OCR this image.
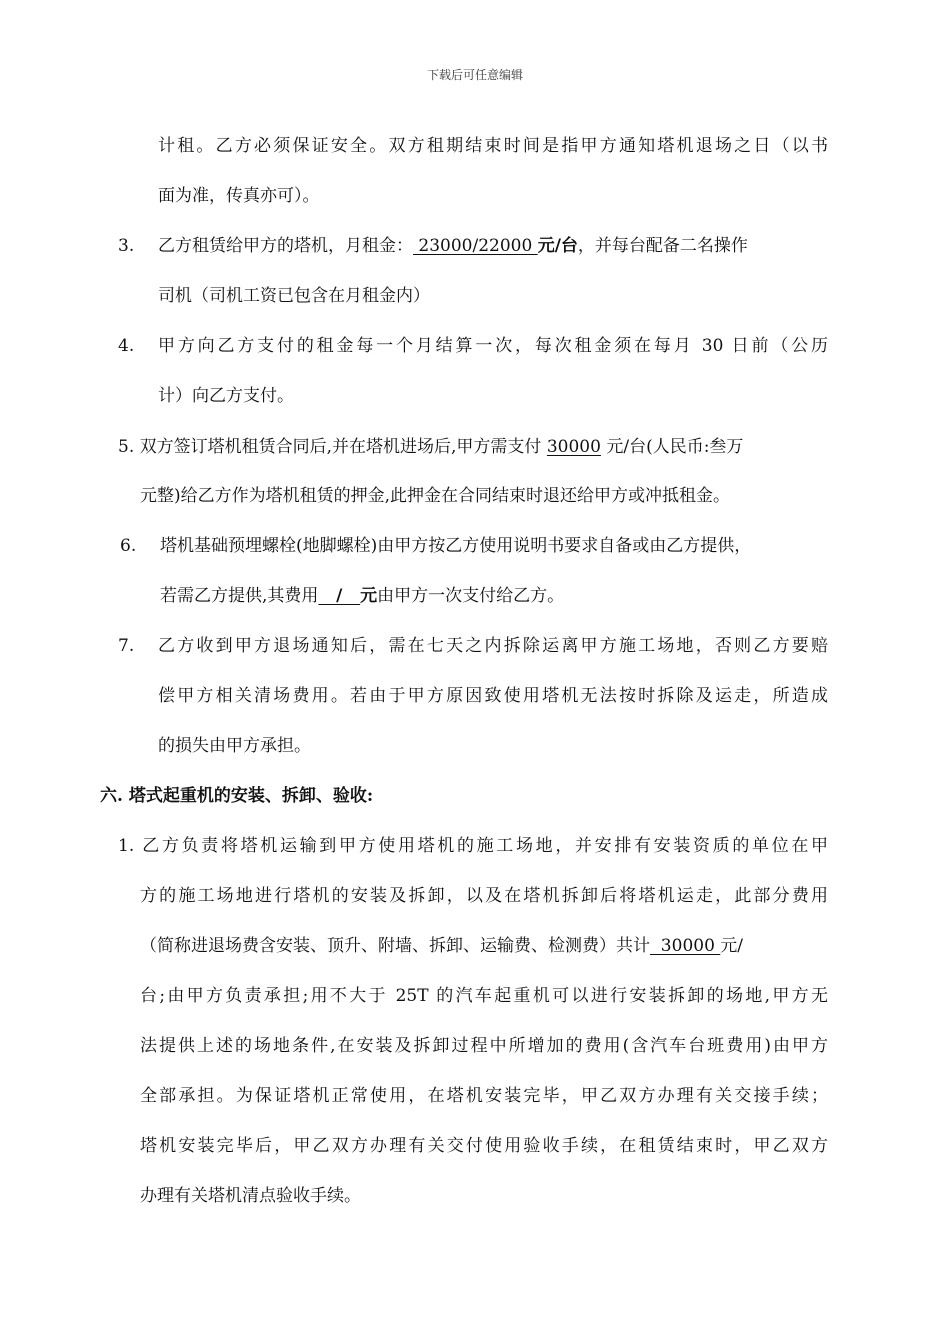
下载后可任意编辑
计租。乙方必须保证安全。双方租期结束时间是指甲方通知塔机退场之日（以书
面为准，传真亦可）。
3. 乙方租赁给甲方的塔机，月租金： 23000/22000 元/台，并每台配备二名操作
司机（司机工资已包含在月租金内）
4. 甲方向乙方支付的租金每一个月结算一次，每次租金须在每月 30 日前（公历
计）向乙方支付。
5. 双方签订塔机租赁合同后,并在塔机进场后,甲方需支付 30000 元/台(人民币:叁万
元整)给乙方作为塔机租赁的押金,此押金在合同结束时退还给甲方或冲抵租金。
6. 塔机基础预埋螺栓(地脚螺栓)由甲方按乙方使用说明书要求自备或由乙方提供，
若需乙方提供,其费用   /   元由甲方一次支付给乙方。
7. 乙方收到甲方退场通知后，需在七天之内拆除运离甲方施工场地，否则乙方要赔
偿甲方相关清场费用。若由于甲方原因致使用塔机无法按时拆除及运走，所造成
的损失由甲方承担。
六. 塔式起重机的安装、拆卸、验收:
1. 乙方负责将塔机运输到甲方使用塔机的施工场地，并安排有安装资质的单位在甲
方的施工场地进行塔机的安装及拆卸，以及在塔机拆卸后将塔机运走，此部分费用
（简称进退场费含安装、顶升、附墙、拆卸、运输费、检测费）共计  30000 元/
台;由甲方负责承担;用不大于 25T 的汽车起重机可以进行安装拆卸的场地,甲方无
法提供上述的场地条件,在安装及拆卸过程中所增加的费用(含汽车台班费用)由甲方
全部承担。为保证塔机正常使用，在塔机安装完毕，甲乙双方办理有关交接手续；
塔机安装完毕后，甲乙双方办理有关交付使用验收手续，在租赁结束时，甲乙双方
办理有关塔机清点验收手续。
